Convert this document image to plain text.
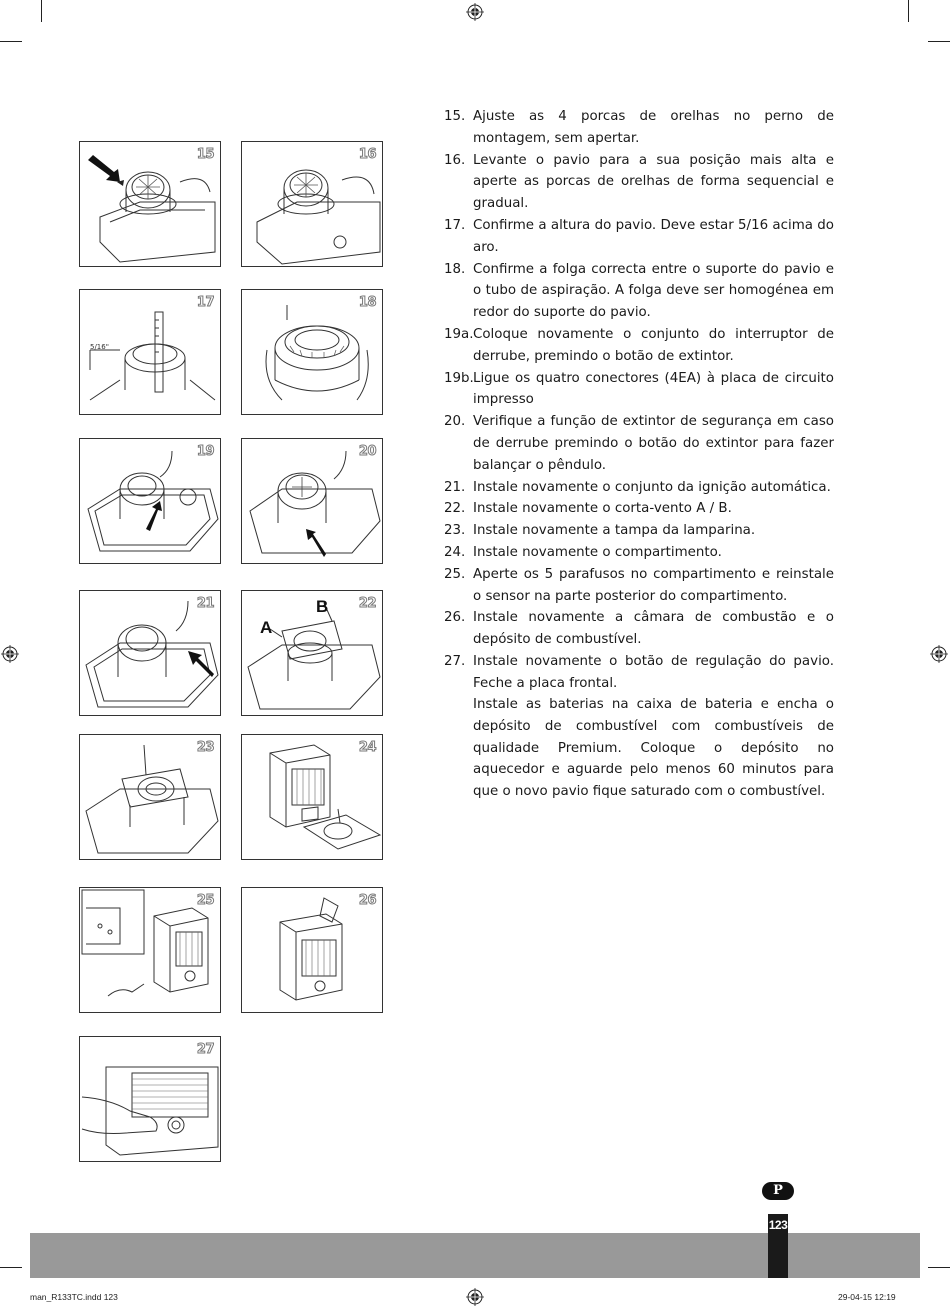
15	16
5/16"
17	18
19	20
21
A
B 22
23	24
25	26
27
15. Ajuste as 4 porcas de orelhas no perno de montagem, sem apertar.
16. Levante o pavio para a sua posição mais alta e aperte as porcas de orelhas de forma sequencial e gradual.
17. Confirme a altura do pavio. Deve estar 5/16 acima do aro.
18. Confirme a folga correcta entre o suporte do pavio e o tubo de aspiração. A folga deve ser homogénea em redor do suporte do pavio.
19a. Coloque novamente o conjunto do interruptor de derrube, premindo o botão de extintor.
19b. Ligue os quatro conectores (4EA) à placa de circuito impresso
20. Verifique a função de extintor de segurança em caso de derrube premindo o botão do extintor para fazer balançar o pêndulo.
21. Instale novamente o conjunto da ignição automática.
22. Instale novamente o corta-vento A / B.
23. Instale novamente a tampa da lamparina.
24. Instale novamente o compartimento.
25. Aperte os 5 parafusos no compartimento e reinstale o sensor na parte posterior do compartimento.
26. Instale novamente a câmara de combustão e o depósito de combustível.
27. Instale novamente o botão de regulação do pavio. Feche a placa frontal.
Instale as baterias na caixa de bateria e encha o depósito de combustível com combustíveis de qualidade Premium. Coloque o depósito no aquecedor e aguarde pelo menos 60 minutos para que o novo pavio fique saturado com o combustível.
P
123
man_R133TC.indd 123	29-04-15 12:19
